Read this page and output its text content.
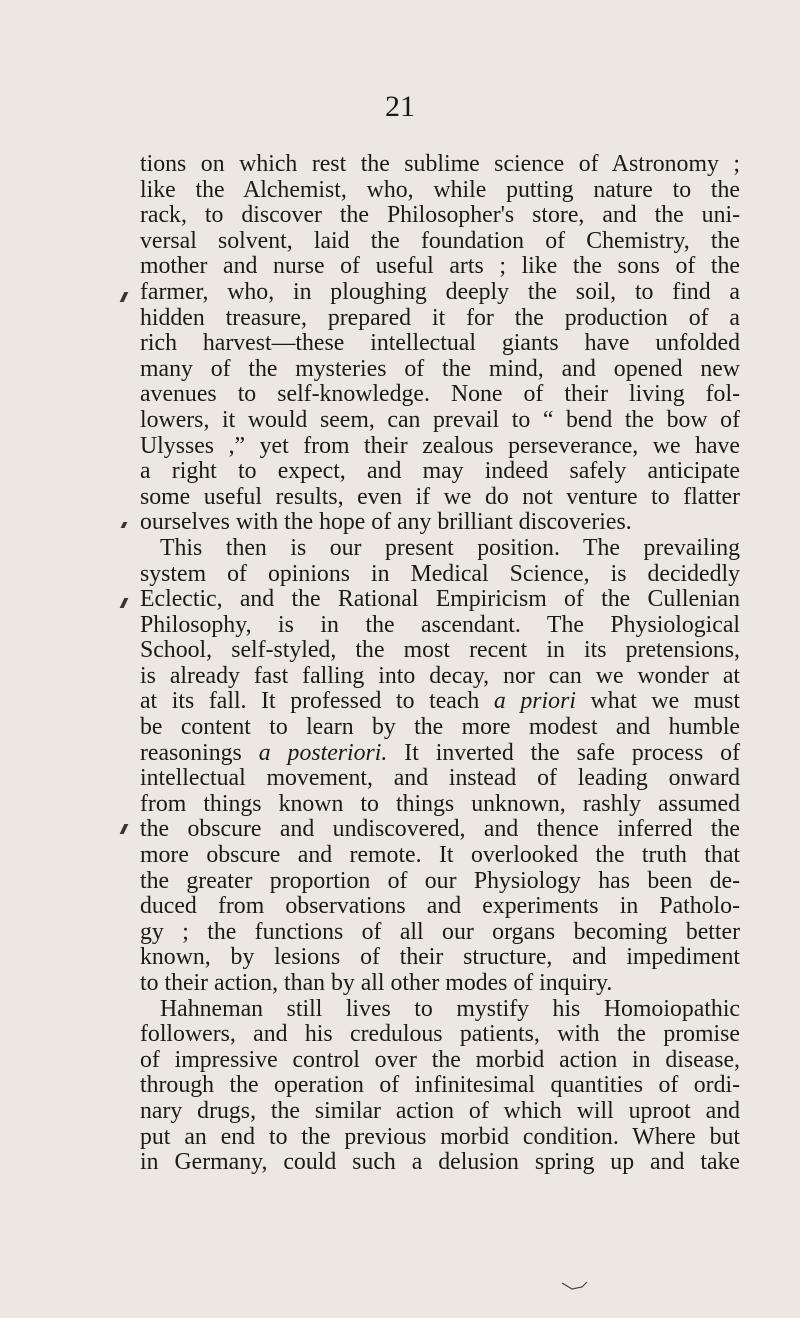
21
tions on which rest the sublime science of Astronomy ;
like the Alchemist, who, while putting nature to the
rack, to discover the Philosopher's store, and the uni-
versal solvent, laid the foundation of Chemistry, the
mother and nurse of useful arts ; like the sons of the
farmer, who, in ploughing deeply the soil, to find a
hidden treasure, prepared it for the production of a
rich harvest—these intellectual giants have unfolded
many of the mysteries of the mind, and opened new
avenues to self-knowledge. None of their living fol-
lowers, it would seem, can prevail to “ bend the bow of
Ulysses ,” yet from their zealous perseverance, we have
a right to expect, and may indeed safely anticipate
some useful results, even if we do not venture to flatter
ourselves with the hope of any brilliant discoveries.
This then is our present position. The prevailing
system of opinions in Medical Science, is decidedly
Eclectic, and the Rational Empiricism of the Cullenian
Philosophy, is in the ascendant. The Physiological
School, self-styled, the most recent in its pretensions,
is already fast falling into decay, nor can we wonder at
at its fall. It professed to teach a priori what we must
be content to learn by the more modest and humble
reasonings a posteriori. It inverted the safe process of
intellectual movement, and instead of leading onward
from things known to things unknown, rashly assumed
the obscure and undiscovered, and thence inferred the
more obscure and remote. It overlooked the truth that
the greater proportion of our Physiology has been de-
duced from observations and experiments in Patholo-
gy ; the functions of all our organs becoming better
known, by lesions of their structure, and impediment
to their action, than by all other modes of inquiry.
Hahneman still lives to mystify his Homoiopathic
followers, and his credulous patients, with the promise
of impressive control over the morbid action in disease,
through the operation of infinitesimal quantities of ordi-
nary drugs, the similar action of which will uproot and
put an end to the previous morbid condition. Where but
in Germany, could such a delusion spring up and take
